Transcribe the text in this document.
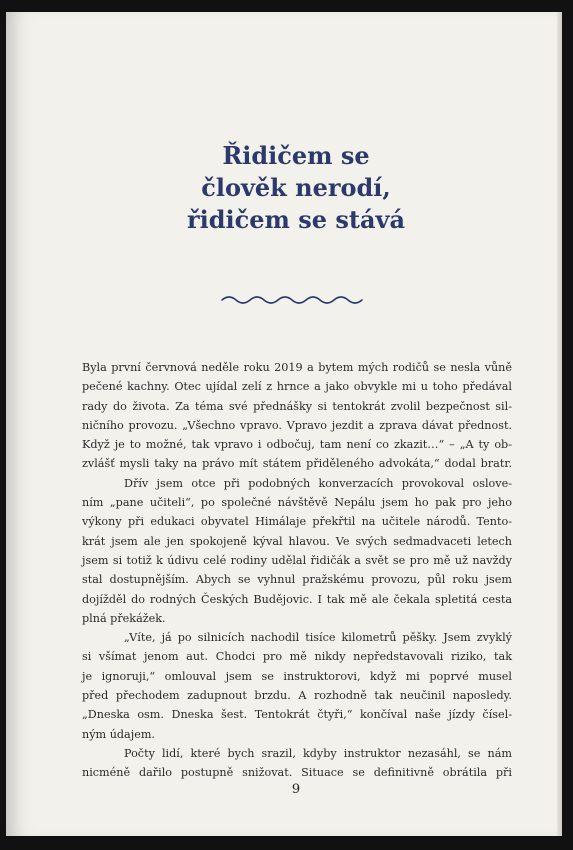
Řidičem se
člověk nerodí,
řidičem se stává

Byla první červnová neděle roku 2019 a bytem mých rodičů se nesla vůně
pečené kachny. Otec ujídal zelí z hrnce a jako obvykle mi u toho předával
rady do života. Za téma své přednášky si tentokrát zvolil bezpečnost sil-
ničního provozu. „Všechno vpravo. Vpravo jezdit a zprava dávat přednost.
Když je to možné, tak vpravo i odbočuj, tam není co zkazit…“ – „A ty ob-
zvlášť mysli taky na právo mít státem přiděleného advokáta,“ dodal bratr.

Dřív jsem otce při podobných konverzacích provokoval oslove-
ním „pane učiteli“, po společné návštěvě Nepálu jsem ho pak pro jeho
výkony při edukaci obyvatel Himálaje překřtil na učitele národů. Tento-
krát jsem ale jen spokojeně kýval hlavou. Ve svých sedmadvaceti letech
jsem si totiž k údivu celé rodiny udělal řidičák a svět se pro mě už navždy
stal dostupnějším. Abych se vyhnul pražskému provozu, půl roku jsem
dojížděl do rodných Českých Budějovic. I tak mě ale čekala spletitá cesta
plná překážek.

„Víte, já po silnicích nachodil tisíce kilometrů pěšky. Jsem zvyklý
si všímat jenom aut. Chodci pro mě nikdy nepředstavovali riziko, tak
je ignoruji,“ omlouval jsem se instruktorovi, když mi poprvé musel
před přechodem zadupnout brzdu. A rozhodně tak neučinil naposledy.
„Dneska osm. Dneska šest. Tentokrát čtyři,“ končíval naše jízdy čísel-
ným údajem.

Počty lidí, které bych srazil, kdyby instruktor nezasáhl, se nám
nicméně dařilo postupně snižovat. Situace se definitivně obrátila při

9
